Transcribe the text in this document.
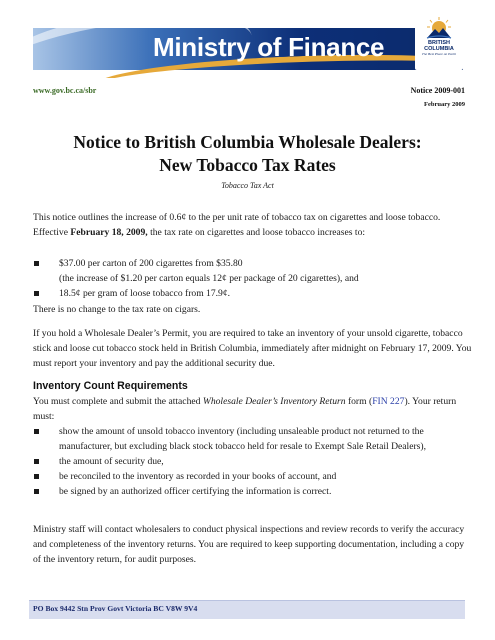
Ministry of Finance	BRITISH
COLUMBIA
The Best Place on Earth
www.gov.bc.ca/sbr	Notice 2009-001
February 2009
Notice to British Columbia Wholesale Dealers:
New Tobacco Tax Rates
Tobacco Tax Act
This notice outlines the increase of 0.6¢ to the per unit rate of tobacco tax on cigarettes and loose tobacco. Effective February 18, 2009, the tax rate on cigarettes and loose tobacco increases to:
$37.00 per carton of 200 cigarettes from $35.80
(the increase of $1.20 per carton equals 12¢ per package of 20 cigarettes), and
18.5¢ per gram of loose tobacco from 17.9¢.
There is no change to the tax rate on cigars.
If you hold a Wholesale Dealer’s Permit, you are required to take an inventory of your unsold cigarette, tobacco stick and loose cut tobacco stock held in British Columbia, immediately after midnight on February 17, 2009. You must report your inventory and pay the additional security due.
Inventory Count Requirements
You must complete and submit the attached Wholesale Dealer’s Inventory Return form (FIN 227). Your return must:
show the amount of unsold tobacco inventory (including unsaleable product not returned to the manufacturer, but excluding black stock tobacco held for resale to Exempt Sale Retail Dealers),
the amount of security due,
be reconciled to the inventory as recorded in your books of account, and
be signed by an authorized officer certifying the information is correct.
Ministry staff will contact wholesalers to conduct physical inspections and review records to verify the accuracy and completeness of the inventory returns. You are required to keep supporting documentation, including a copy of the inventory return, for audit purposes.
PO Box 9442 Stn Prov Govt Victoria BC V8W 9V4
